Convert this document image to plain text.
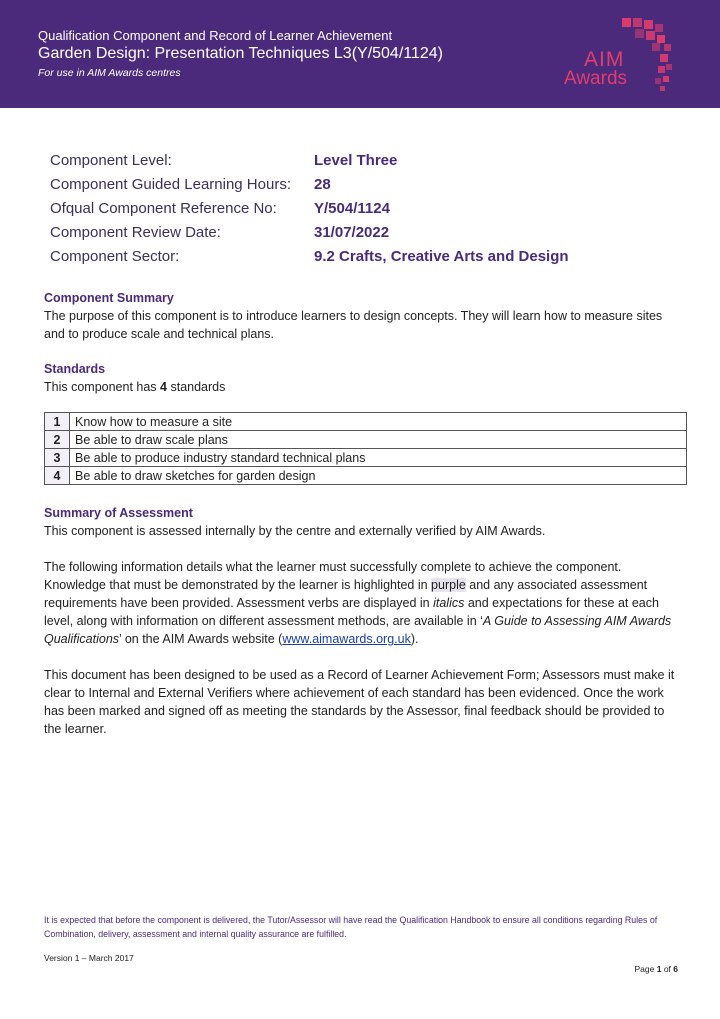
Qualification Component and Record of Learner Achievement
Garden Design: Presentation Techniques L3(Y/504/1124)
For use in AIM Awards centres
AIM
Awards
Component Level:	Level Three
Component Guided Learning Hours: 28
Ofqual Component Reference No: Y/504/1124
Component Review Date:	31/07/2022
Component Sector:	9.2 Crafts, Creative Arts and Design
Component Summary
The purpose of this component is to introduce learners to design concepts. They will learn how to measure sites and to produce scale and technical plans.
Standards
This component has 4 standards
1	Know how to measure a site
2	Be able to draw scale plans
3	Be able to produce industry standard technical plans
4	Be able to draw sketches for garden design
Summary of Assessment
This component is assessed internally by the centre and externally verified by AIM Awards.
The following information details what the learner must successfully complete to achieve the component. Knowledge that must be demonstrated by the learner is highlighted in purple and any associated assessment requirements have been provided. Assessment verbs are displayed in italics and expectations for these at each level, along with information on different assessment methods, are available in ‘A Guide to Assessing AIM Awards Qualifications’ on the AIM Awards website (www.aimawards.org.uk).
This document has been designed to be used as a Record of Learner Achievement Form; Assessors must make it clear to Internal and External Verifiers where achievement of each standard has been evidenced. Once the work has been marked and signed off as meeting the standards by the Assessor, final feedback should be provided to the learner.
It is expected that before the component is delivered, the Tutor/Assessor will have read the Qualification Handbook to ensure all conditions regarding Rules of Combination, delivery, assessment and internal quality assurance are fulfilled.
Version 1 – March 2017
Page 1 of 6
